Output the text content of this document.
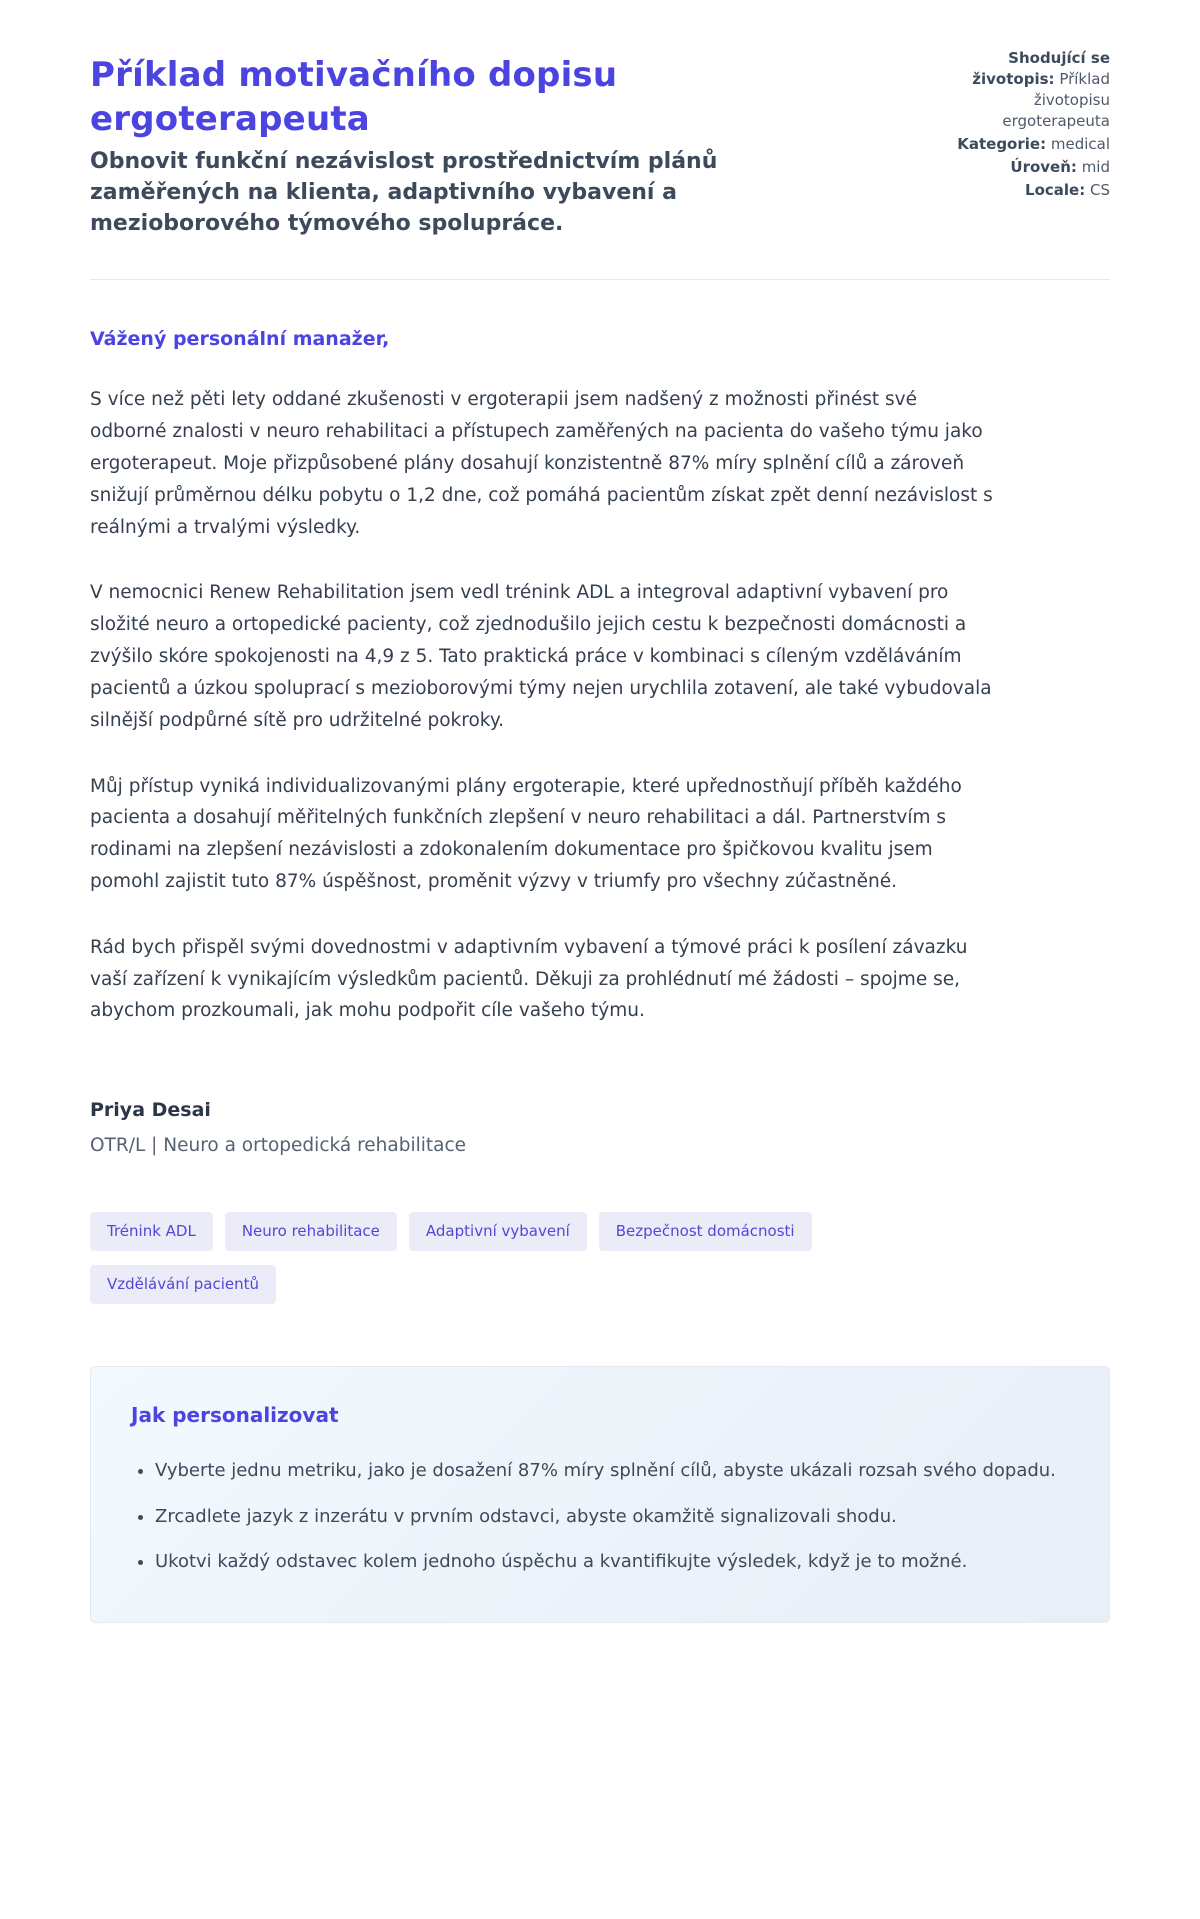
Příklad motivačního dopisu ergoterapeuta

Obnovit funkční nezávislost prostřednictvím plánů zaměřených na klienta, adaptivního vybavení a mezioborového týmového spolupráce.

Shodující se životopis: Příklad životopisu ergoterapeuta
Kategorie: medical
Úroveň: mid
Locale: CS

Vážený personální manažer,

S více než pěti lety oddané zkušenosti v ergoterapii jsem nadšený z možnosti přinést své odborné znalosti v neuro rehabilitaci a přístupech zaměřených na pacienta do vašeho týmu jako ergoterapeut. Moje přizpůsobené plány dosahují konzistentně 87% míry splnění cílů a zároveň snižují průměrnou délku pobytu o 1,2 dne, což pomáhá pacientům získat zpět denní nezávislost s reálnými a trvalými výsledky.

V nemocnici Renew Rehabilitation jsem vedl trénink ADL a integroval adaptivní vybavení pro složité neuro a ortopedické pacienty, což zjednodušilo jejich cestu k bezpečnosti domácnosti a zvýšilo skóre spokojenosti na 4,9 z 5. Tato praktická práce v kombinaci s cíleným vzděláváním pacientů a úzkou spoluprací s mezioborovými týmy nejen urychlila zotavení, ale také vybudovala silnější podpůrné sítě pro udržitelné pokroky.

Můj přístup vyniká individualizovanými plány ergoterapie, které upřednostňují příběh každého pacienta a dosahují měřitelných funkčních zlepšení v neuro rehabilitaci a dál. Partnerstvím s rodinami na zlepšení nezávislosti a zdokonalením dokumentace pro špičkovou kvalitu jsem pomohl zajistit tuto 87% úspěšnost, proměnit výzvy v triumfy pro všechny zúčastněné.

Rád bych přispěl svými dovednostmi v adaptivním vybavení a týmové práci k posílení závazku vaší zařízení k vynikajícím výsledkům pacientů. Děkuji za prohlédnutí mé žádosti – spojme se, abychom prozkoumali, jak mohu podpořit cíle vašeho týmu.

Priya Desai

OTR/L | Neuro a ortopedická rehabilitace

Trénink ADL	Neuro rehabilitace	Adaptivní vybavení	Bezpečnost domácnosti
Vzdělávání pacientů
Jak personalizovat
• Vyberte jednu metriku, jako je dosažení 87% míry splnění cílů, abyste ukázali rozsah svého dopadu.
• Zrcadlete jazyk z inzerátu v prvním odstavci, abyste okamžitě signalizovali shodu.
• Ukotvi každý odstavec kolem jednoho úspěchu a kvantifikujte výsledek, když je to možné.
